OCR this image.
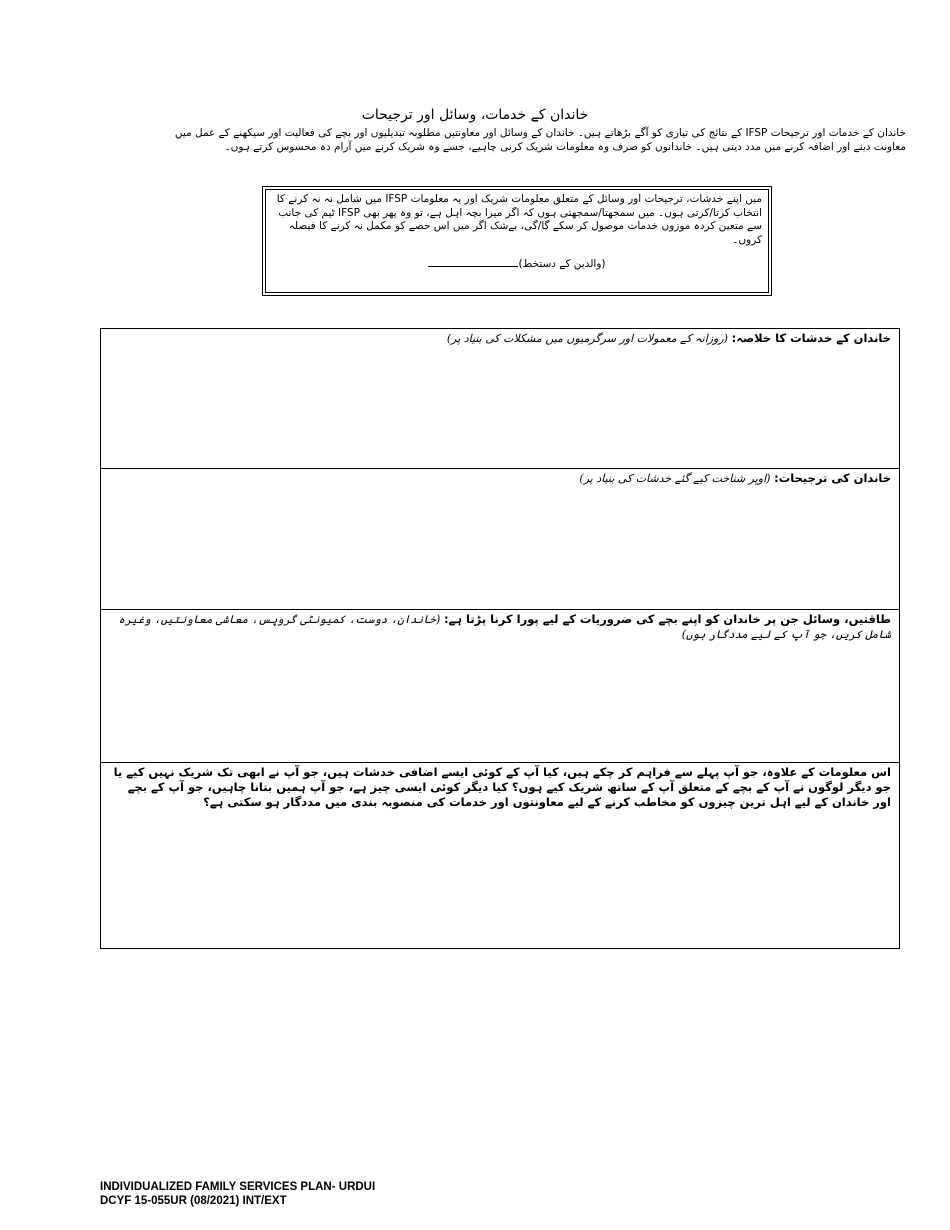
خاندان کے خدمات، وسائل اور ترجیحات
خاندان کے خدمات اور ترجیحات IFSP کے نتائج کی تیاری کو آگے بڑھاتے ہیں۔ خاندان کے وسائل اور معاونتیں مطلوبہ تبدیلیوں اور بچے کی فعالیت اور سیکھنے کے عمل میں معاونت دینے اور اضافہ کرنے میں مدد دیتی ہیں۔ خاندانوں کو صرف وہ معلومات شریک کرنی چاہیے، جسے وہ شریک کرنے میں آرام دہ محسوس کرتے ہوں۔
میں اپنے خدشات، ترجیحات اور وسائل کے متعلق معلومات شریک اور یہ معلومات IFSP میں شامل نہ نہ کرنے کا انتخاب کرتا/کرتی ہوں۔ میں سمجھتا/سمجھتی ہوں کہ اگر میرا بچہ اہل ہے، تو وہ پھر بھی IFSP ٹیم کی جانب سے متعین کردہ موزوں خدمات موصول کر سکے گا/گی، بےشک اگر میں اس حصے کو مکمل نہ کرنے کا فیصلہ کروں۔
(والدین کے دستخط)
خاندان کے خدشات کا خلاصہ: (روزانہ کے معمولات اور سرگرمیوں میں مشکلات کی بنیاد پر)
خاندان کی ترجیحات: (اوپر شناخت کیے گئے خدشات کی بنیاد پر)
طاقتیں، وسائل جن پر خاندان کو اپنے بچے کی ضروریات کے لیے پورا کرنا پڑتا ہے: (خاندان، دوست، کمیونٹی گروپس، معاشی معاونتیں، وغیرہ شامل کریں، جو آپ کے لیے مددگار ہوں)
اس معلومات کے علاوہ، جو آپ پہلے سے فراہم کر چکے ہیں، کیا آپ کے کوئی ایسے اضافی خدشات ہیں، جو آپ نے ابھی تک شریک نہیں کیے یا جو دیگر لوگوں نے آپ کے بچے کے متعلق آپ کے ساتھ شریک کیے ہوں؟ کیا دیگر کوئی ایسی چیز ہے، جو آپ ہمیں بتانا چاہیں، جو آپ کے بچے اور خاندان کے لیے اہل ترین چیزوں کو مخاطب کرنے کے لیے معاونتوں اور خدمات کی منصوبہ بندی میں مددگار ہو سکتی ہے؟
INDIVIDUALIZED FAMILY SERVICES PLAN- URDUI
DCYF 15-055UR (08/2021) INT/EXT
